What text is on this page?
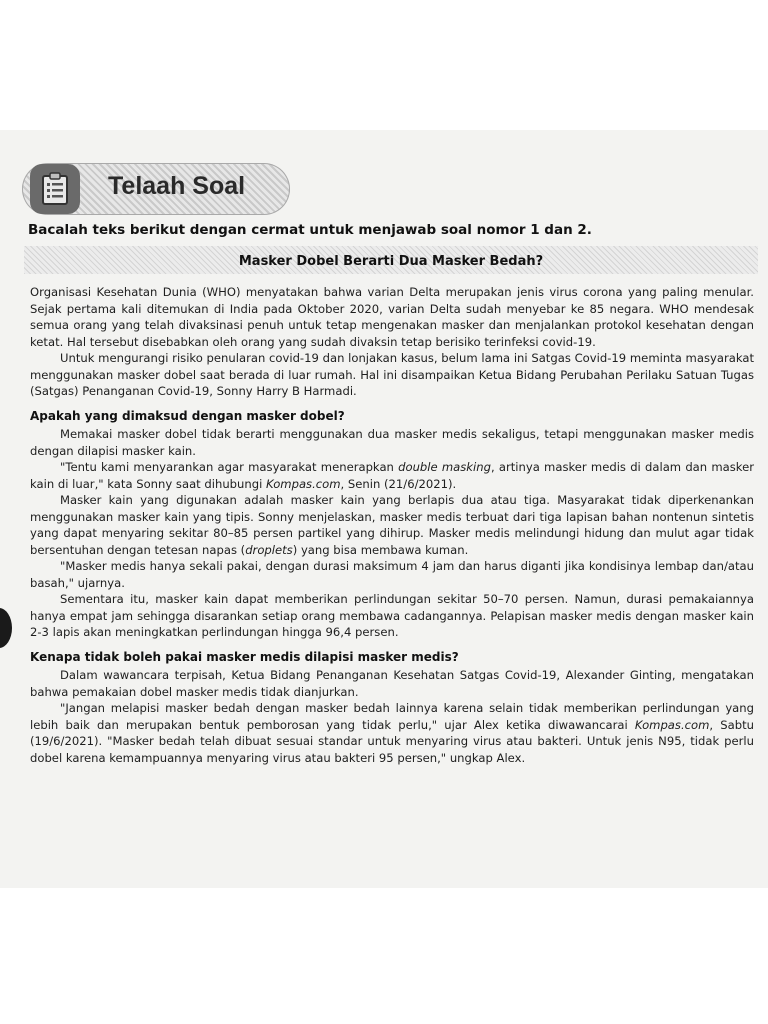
Telaah Soal
Bacalah teks berikut dengan cermat untuk menjawab soal nomor 1 dan 2.
Masker Dobel Berarti Dua Masker Bedah?

Organisasi Kesehatan Dunia (WHO) menyatakan bahwa varian Delta merupakan jenis virus corona yang paling menular. Sejak pertama kali ditemukan di India pada Oktober 2020, varian Delta sudah menyebar ke 85 negara. WHO mendesak semua orang yang telah divaksinasi penuh untuk tetap mengenakan masker dan menjalankan protokol kesehatan dengan ketat. Hal tersebut disebabkan oleh orang yang sudah divaksin tetap berisiko terinfeksi covid-19.

Untuk mengurangi risiko penularan covid-19 dan lonjakan kasus, belum lama ini Satgas Covid-19 meminta masyarakat menggunakan masker dobel saat berada di luar rumah. Hal ini disampaikan Ketua Bidang Perubahan Perilaku Satuan Tugas (Satgas) Penanganan Covid-19, Sonny Harry B Harmadi.

Apakah yang dimaksud dengan masker dobel?

Memakai masker dobel tidak berarti menggunakan dua masker medis sekaligus, tetapi menggunakan masker medis dengan dilapisi masker kain.

"Tentu kami menyarankan agar masyarakat menerapkan double masking, artinya masker medis di dalam dan masker kain di luar," kata Sonny saat dihubungi Kompas.com, Senin (21/6/2021).

Masker kain yang digunakan adalah masker kain yang berlapis dua atau tiga. Masyarakat tidak diperkenankan menggunakan masker kain yang tipis. Sonny menjelaskan, masker medis terbuat dari tiga lapisan bahan nontenun sintetis yang dapat menyaring sekitar 80–85 persen partikel yang dihirup. Masker medis melindungi hidung dan mulut agar tidak bersentuhan dengan tetesan napas (droplets) yang bisa membawa kuman.

"Masker medis hanya sekali pakai, dengan durasi maksimum 4 jam dan harus diganti jika kondisinya lembap dan/atau basah," ujarnya.

Sementara itu, masker kain dapat memberikan perlindungan sekitar 50–70 persen. Namun, durasi pemakaiannya hanya empat jam sehingga disarankan setiap orang membawa cadangannya. Pelapisan masker medis dengan masker kain 2-3 lapis akan meningkatkan perlindungan hingga 96,4 persen.

Kenapa tidak boleh pakai masker medis dilapisi masker medis?

Dalam wawancara terpisah, Ketua Bidang Penanganan Kesehatan Satgas Covid-19, Alexander Ginting, mengatakan bahwa pemakaian dobel masker medis tidak dianjurkan.

"Jangan melapisi masker bedah dengan masker bedah lainnya karena selain tidak memberikan perlindungan yang lebih baik dan merupakan bentuk pemborosan yang tidak perlu," ujar Alex ketika diwawancarai Kompas.com, Sabtu (19/6/2021). "Masker bedah telah dibuat sesuai standar untuk menyaring virus atau bakteri. Untuk jenis N95, tidak perlu dobel karena kemampuannya menyaring virus atau bakteri 95 persen," ungkap Alex.
